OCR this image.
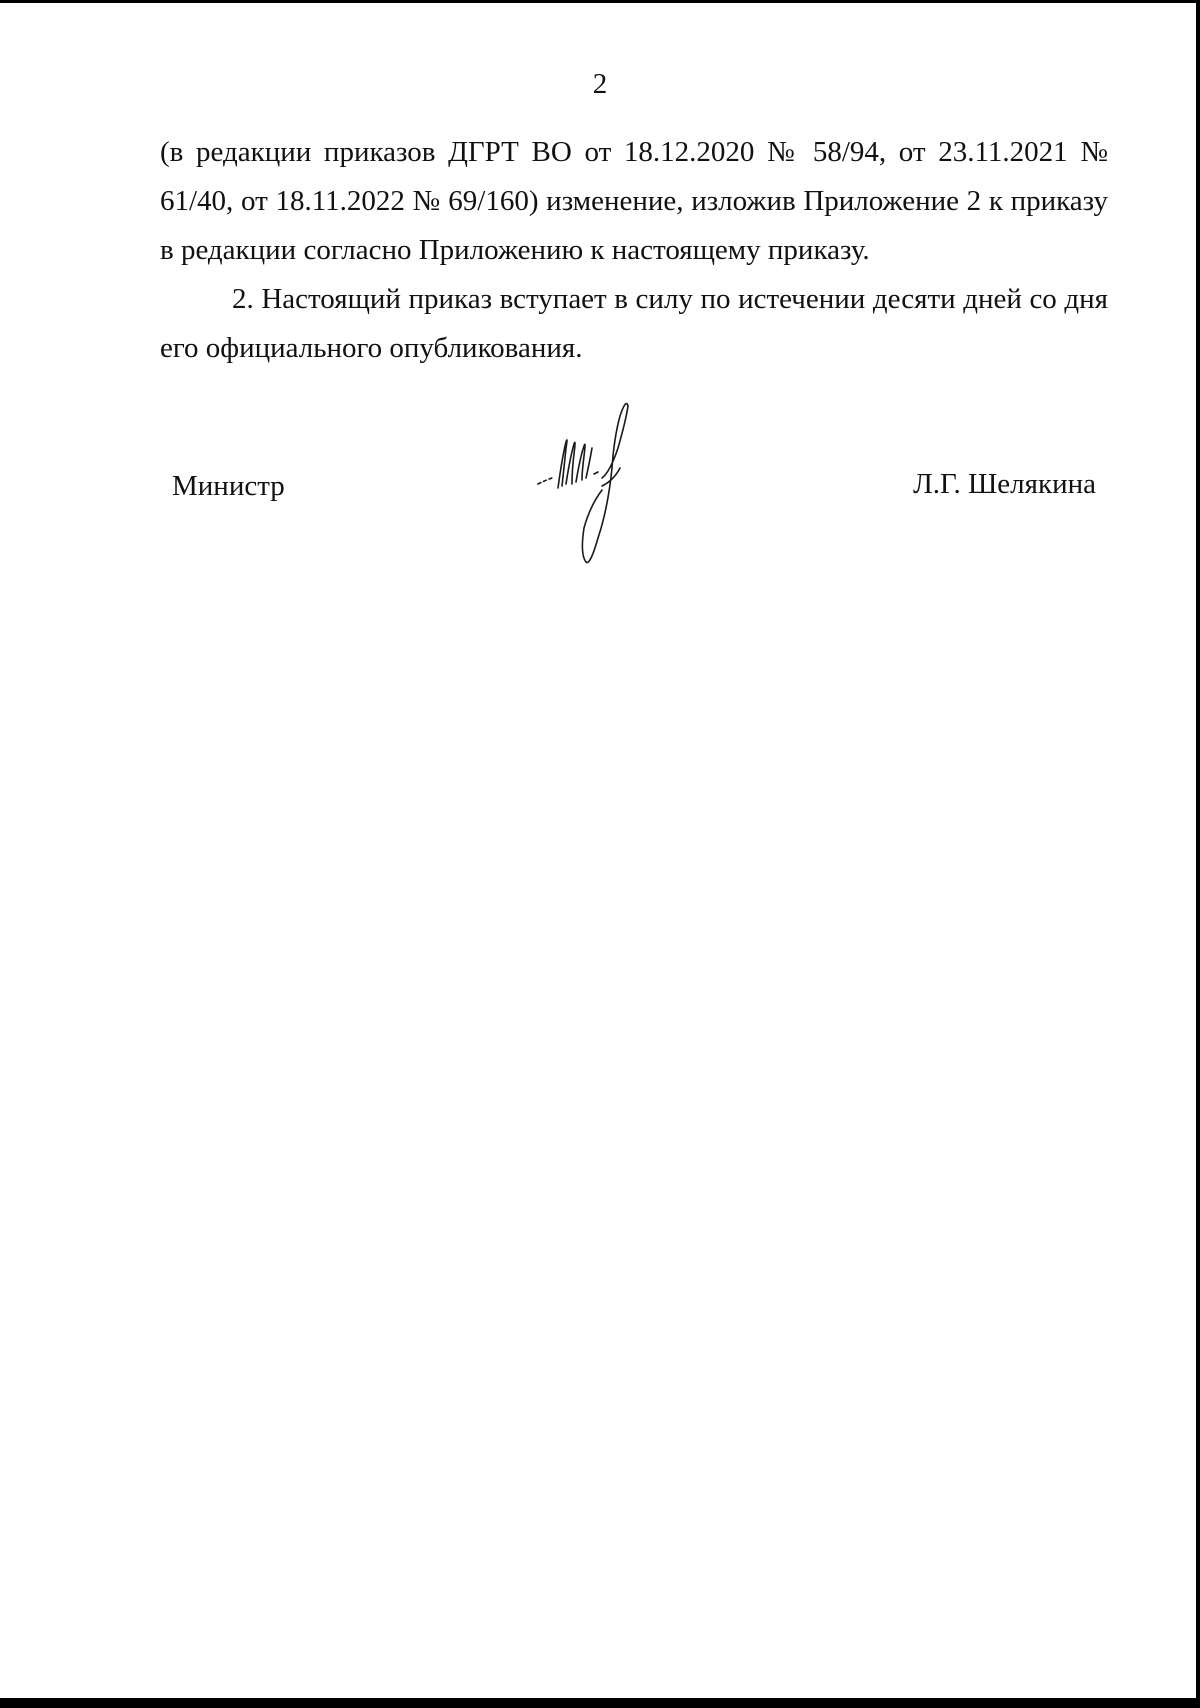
2

(в редакции приказов ДГРТ ВО от 18.12.2020 № 58/94, от 23.11.2021 № 61/40, от 18.11.2022 № 69/160) изменение, изложив Приложение 2 к приказу в редакции согласно Приложению к настоящему приказу.

2. Настоящий приказ вступает в силу по истечении десяти дней со дня его официального опубликования.

Министр	Л.Г. Шелякина
